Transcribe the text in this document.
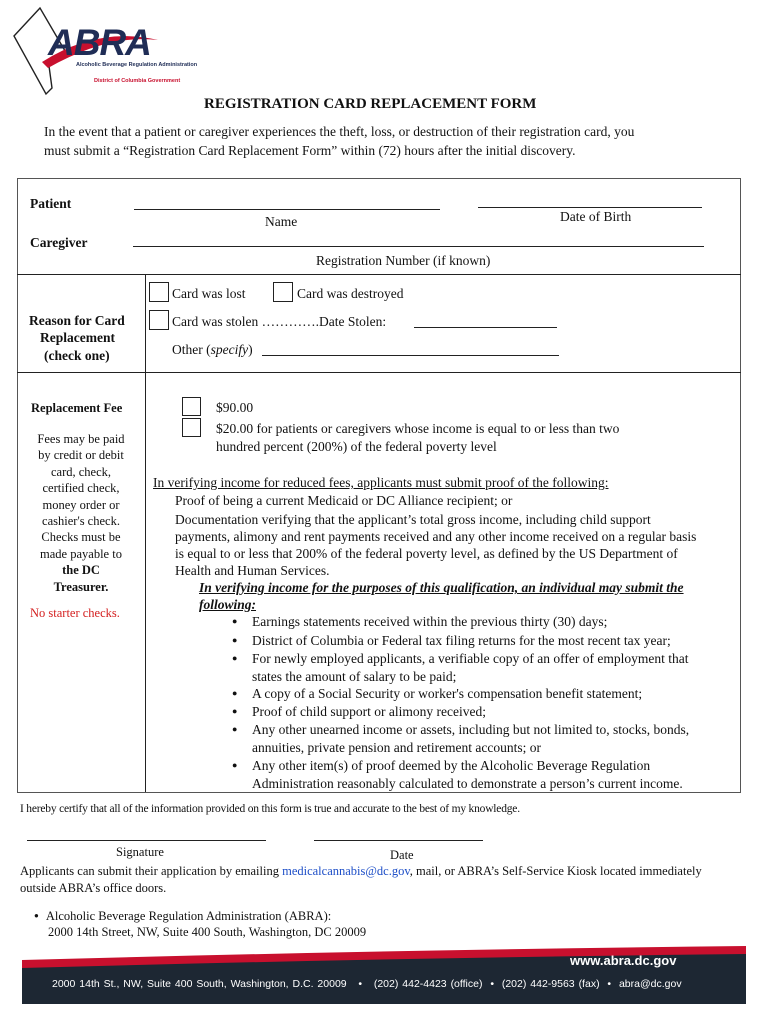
ABRA
Alcoholic Beverage Regulation Administration
District of Columbia Government
REGISTRATION CARD REPLACEMENT FORM
In the event that a patient or caregiver experiences the theft, loss, or destruction of their registration card, you
must submit a “Registration Card Replacement Form” within (72) hours after the initial discovery.
Patient
Name	Date of Birth
Caregiver
Registration Number (if known)
Reason for Card
Replacement
(check one)
Card was lost	Card was destroyed
Card was stolen ………….Date Stolen:
Other (specify)
Replacement Fee
Fees may be paid
by credit or debit
card, check,
certified check,
money order or
cashier's check.
Checks must be
made payable to
the DC
Treasurer.
No starter checks.
$90.00
$20.00 for patients or caregivers whose income is equal to or less than two
hundred percent (200%) of the federal poverty level
In verifying income for reduced fees, applicants must submit proof of the following:
Proof of being a current Medicaid or DC Alliance recipient; or
Documentation verifying that the applicant’s total gross income, including child support
payments, alimony and rent payments received and any other income received on a regular basis
is equal to or less that 200% of the federal poverty level, as defined by the US Department of
Health and Human Services.
In verifying income for the purposes of this qualification, an individual may submit the
following:
● Earnings statements received within the previous thirty (30) days;
● District of Columbia or Federal tax filing returns for the most recent tax year;
● For newly employed applicants, a verifiable copy of an offer of employment that
states the amount of salary to be paid;
● A copy of a Social Security or worker's compensation benefit statement;
● Proof of child support or alimony received;
● Any other unearned income or assets, including but not limited to, stocks, bonds,
annuities, private pension and retirement accounts; or
● Any other item(s) of proof deemed by the Alcoholic Beverage Regulation
Administration reasonably calculated to demonstrate a person’s current income.
I hereby certify that all of the information provided on this form is true and accurate to the best of my knowledge.
Signature	Date
Applicants can submit their application by emailing medicalcannabis@dc.gov, mail, or ABRA’s Self-Service Kiosk located immediately
outside ABRA’s office doors.
● Alcoholic Beverage Regulation Administration (ABRA):
2000 14th Street, NW, Suite 400 South, Washington, DC 20009
www.abra.dc.gov
2000 14th St., NW, Suite 400 South, Washington, D.C. 20009 • (202) 442-4423 (office) • (202) 442-9563 (fax) • abra@dc.gov
